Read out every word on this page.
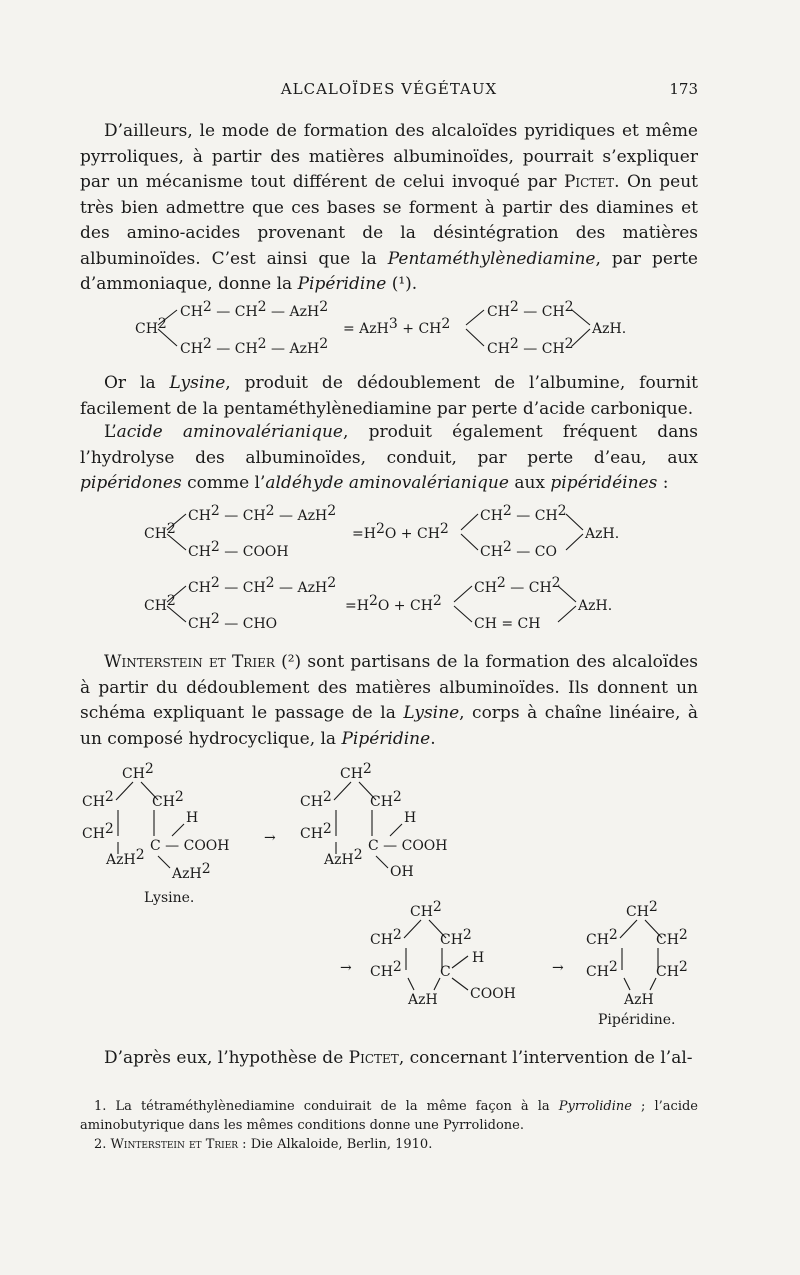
ALCALOÏDES VÉGÉTAUX	173

D’ailleurs, le mode de formation des alcaloïdes pyridiques et même pyrroliques, à partir des matières albuminoïdes, pourrait s’expliquer par un mécanisme tout différent de celui invoqué par Pictet. On peut très bien admettre que ces bases se forment à partir des diamines et des amino-acides provenant de la désintégration des matières albuminoïdes. C’est ainsi que la Pentaméthylènediamine, par perte d’ammoniaque, donne la Pipéridine (¹).

CH2
CH2 — CH2 — AzH2
CH2 — CH2 — AzH2
= AzH3 + CH2
CH2 — CH2
CH2 — CH2
AzH.

Or la Lysine, produit de dédoublement de l’albumine, fournit facilement de la pentaméthylènediamine par perte d’acide carbonique.

L’acide aminovalérianique, produit également fréquent dans l’hydrolyse des albuminoïdes, conduit, par perte d’eau, aux pipéridones comme l’aldéhyde aminovalérianique aux pipéridéines :

CH2
CH2 — CH2 — AzH2
CH2 — COOH
=H2O + CH2
CH2 — CH2
CH2 — CO
AzH.
CH2
CH2 — CH2 — AzH2
CH2 — CHO
=H2O + CH2
CH2 — CH2
CH = CH
AzH.

Winterstein et Trier (²) sont partisans de la formation des alcaloïdes à partir du dédoublement des matières albuminoïdes. Ils donnent un schéma expliquant le passage de la Lysine, corps à chaîne linéaire, à un composé hydrocyclique, la Pipéridine.

CH2
CH2	CH2
CH2
H
C — COOH
AzH2
AzH2
Lysine.
→
CH2
CH2	CH2
CH2
H
C — COOH
AzH2
OH
→
CH2
CH2	CH2
CH2	C
H
AzH COOH
→
CH2
CH2	CH2
CH2	CH2
AzH
Pipéridine.

D’après eux, l’hypothèse de Pictet, concernant l’intervention de l’al-

1. La tétraméthylènediamine conduirait de la même façon à la Pyrrolidine ; l’acide aminobutyrique dans les mêmes conditions donne une Pyrrolidone.

2. Winterstein et Trier : Die Alkaloide, Berlin, 1910.
